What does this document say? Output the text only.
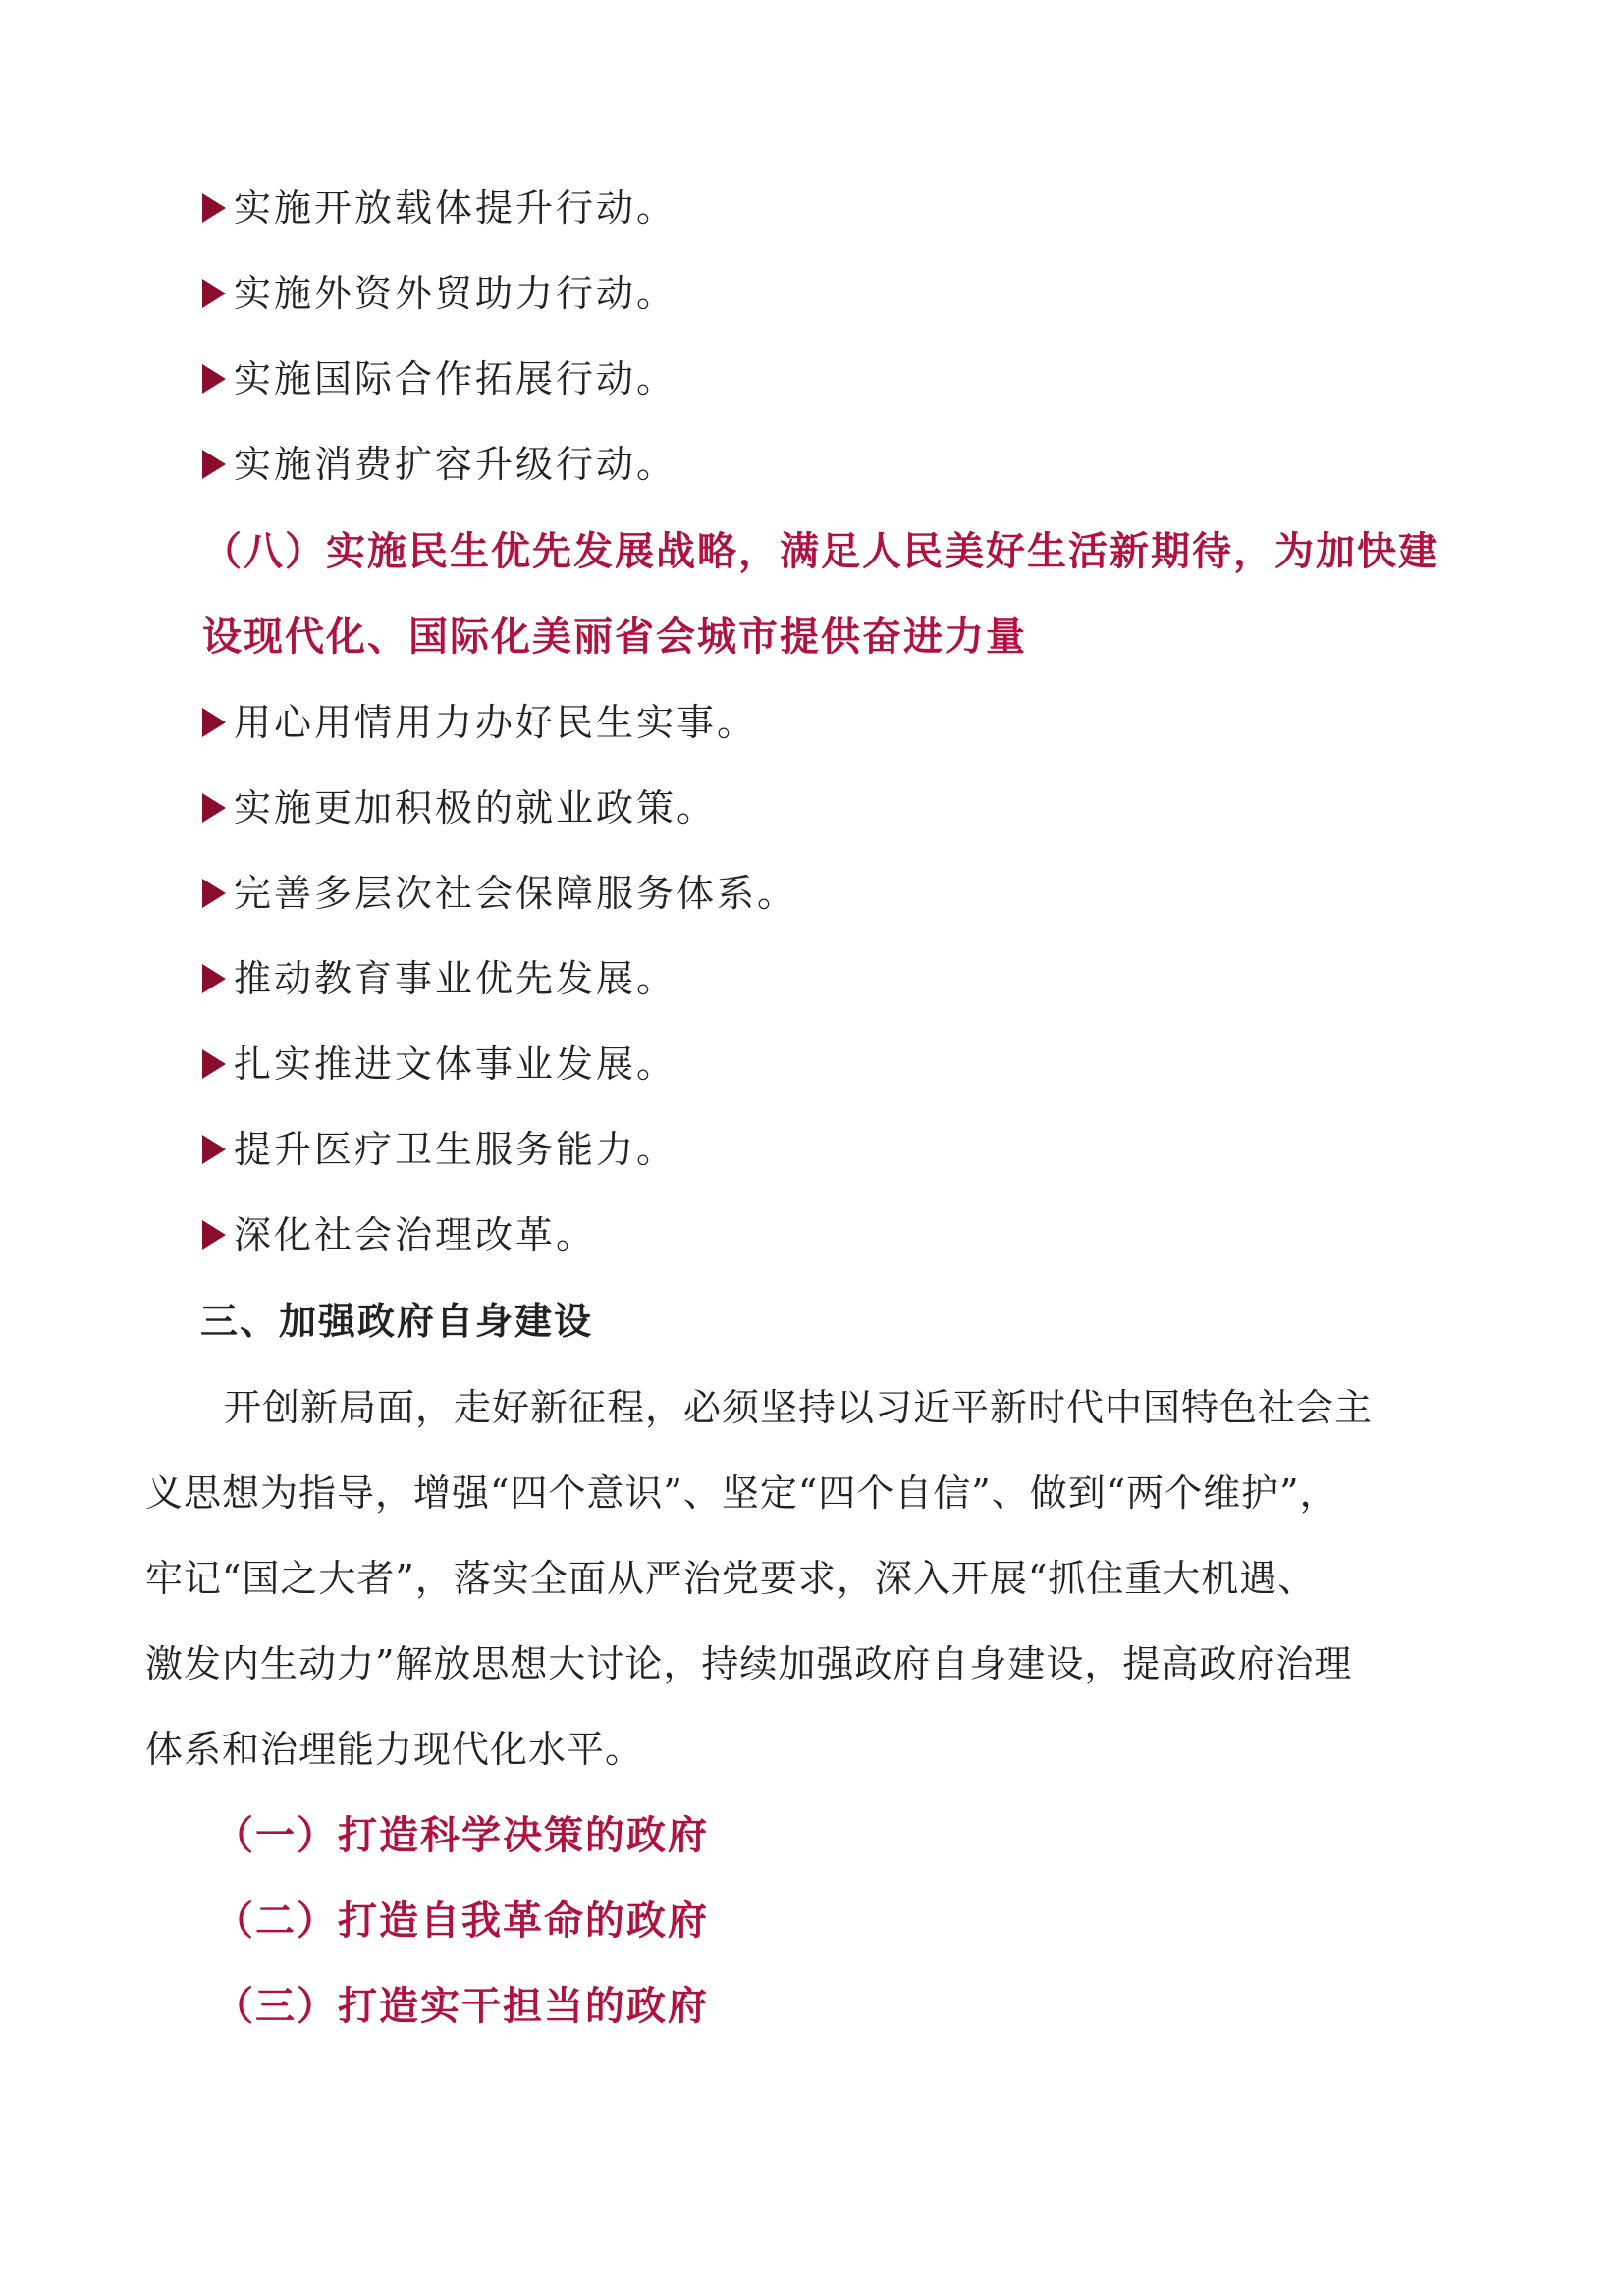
实施开放载体提升行动。
实施外资外贸助力行动。
实施国际合作拓展行动。
实施消费扩容升级行动。
（八）实施民生优先发展战略，满足人民美好生活新期待，为加快建
设现代化、国际化美丽省会城市提供奋进力量
用心用情用力办好民生实事。
实施更加积极的就业政策。
完善多层次社会保障服务体系。
推动教育事业优先发展。
扎实推进文体事业发展。
提升医疗卫生服务能力。
深化社会治理改革。
三、加强政府自身建设
开创新局面，走好新征程，必须坚持以习近平新时代中国特色社会主
义思想为指导，增强“四个意识”、坚定“四个自信”、做到“两个维护”，
牢记“国之大者”，落实全面从严治党要求，深入开展“抓住重大机遇、
激发内生动力”解放思想大讨论，持续加强政府自身建设，提高政府治理
体系和治理能力现代化水平。
（一）打造科学决策的政府
（二）打造自我革命的政府
（三）打造实干担当的政府
